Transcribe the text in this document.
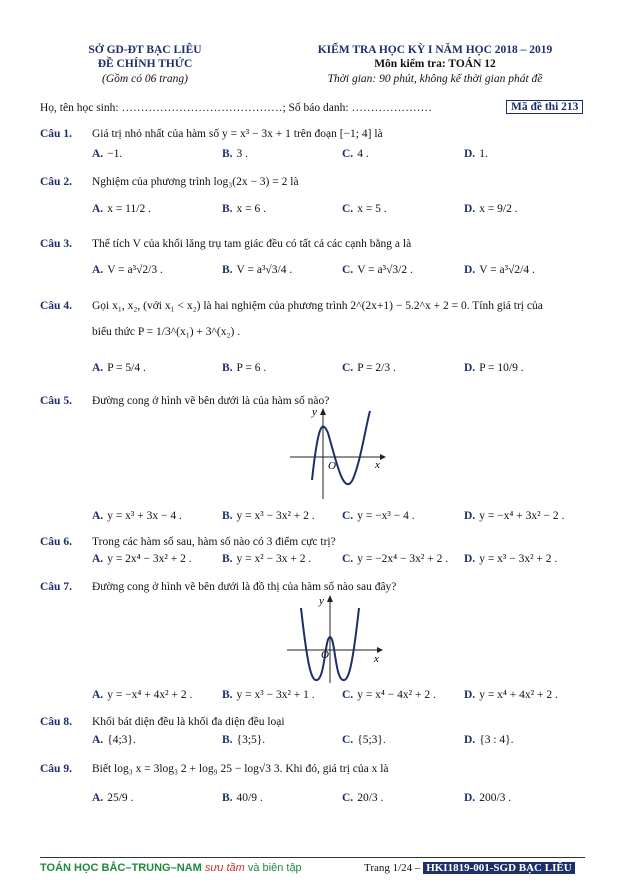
SỞ GD-ĐT BẠC LIÊU
ĐỀ CHÍNH THỨC
(Gồm có 06 trang)
KIỂM TRA HỌC KỲ I NĂM HỌC 2018 – 2019
Môn kiểm tra: TOÁN 12
Thời gian: 90 phút, không kể thời gian phát đề
Họ, tên học sinh: ……………………………………; Số báo danh: …………………	Mã đề thi 213
Câu 1. Giá trị nhỏ nhất của hàm số y = x³ − 3x + 1 trên đoạn [−1; 4] là
A. −1.	B. 3 .	C. 4 .	D. 1.
Câu 2. Nghiệm của phương trình log₃(2x − 3) = 2 là
A. x = 11/2 .	B. x = 6 .	C. x = 5 .	D. x = 9/2 .
Câu 3. Thể tích V của khối lăng trụ tam giác đều có tất cả các cạnh bằng a là
A. V = a³√2/3 .	B. V = a³√3/4 .	C. V = a³√3/2 .	D. V = a³√2/4 .
Câu 4. Gọi x₁, x₂, (với x₁ < x₂) là hai nghiệm của phương trình 2^(2x+1) − 5.2^x + 2 = 0. Tính giá trị của
biểu thức P = 1/3^(x₁) + 3^(x₂) .
A. P = 5/4 .	B. P = 6 .	C. P = 2/3 .	D. P = 10/9 .
Câu 5. Đường cong ở hình vẽ bên dưới là của hàm số nào?
y
x
O
A. y = x³ + 3x − 4 .	B. y = x³ − 3x² + 2 . C. y = −x³ − 4 .	D. y = −x⁴ + 3x² − 2 .
Câu 6. Trong các hàm số sau, hàm số nào có 3 điểm cực trị?
A. y = 2x⁴ − 3x² + 2 .	B. y = x² − 3x + 2 .	C. y = −2x⁴ − 3x² + 2 . D. y = x³ − 3x² + 2 .
Câu 7. Đường cong ở hình vẽ bên dưới là đồ thị của hàm số nào sau đây?
y
x
O
A. y = −x⁴ + 4x² + 2 .	B. y = x³ − 3x² + 1 . C. y = x⁴ − 4x² + 2 . D. y = x⁴ + 4x² + 2 .
Câu 8. Khối bát diện đều là khối đa diện đều loại
A. {4;3}.	B. {3;5}.	C. {5;3}.	D. {3 : 4}.
Câu 9. Biết log₃ x = 3log₃ 2 + log₉ 25 − log√3 3. Khi đó, giá trị của x là
A. 25/9 .	B. 40/9 .	C. 20/3 .	D. 200/3 .
TOÁN HỌC BẮC–TRUNG–NAM sưu tầm và biên tập	Trang 1/24 – HKI1819-001-SGD BẠC LIÊU
